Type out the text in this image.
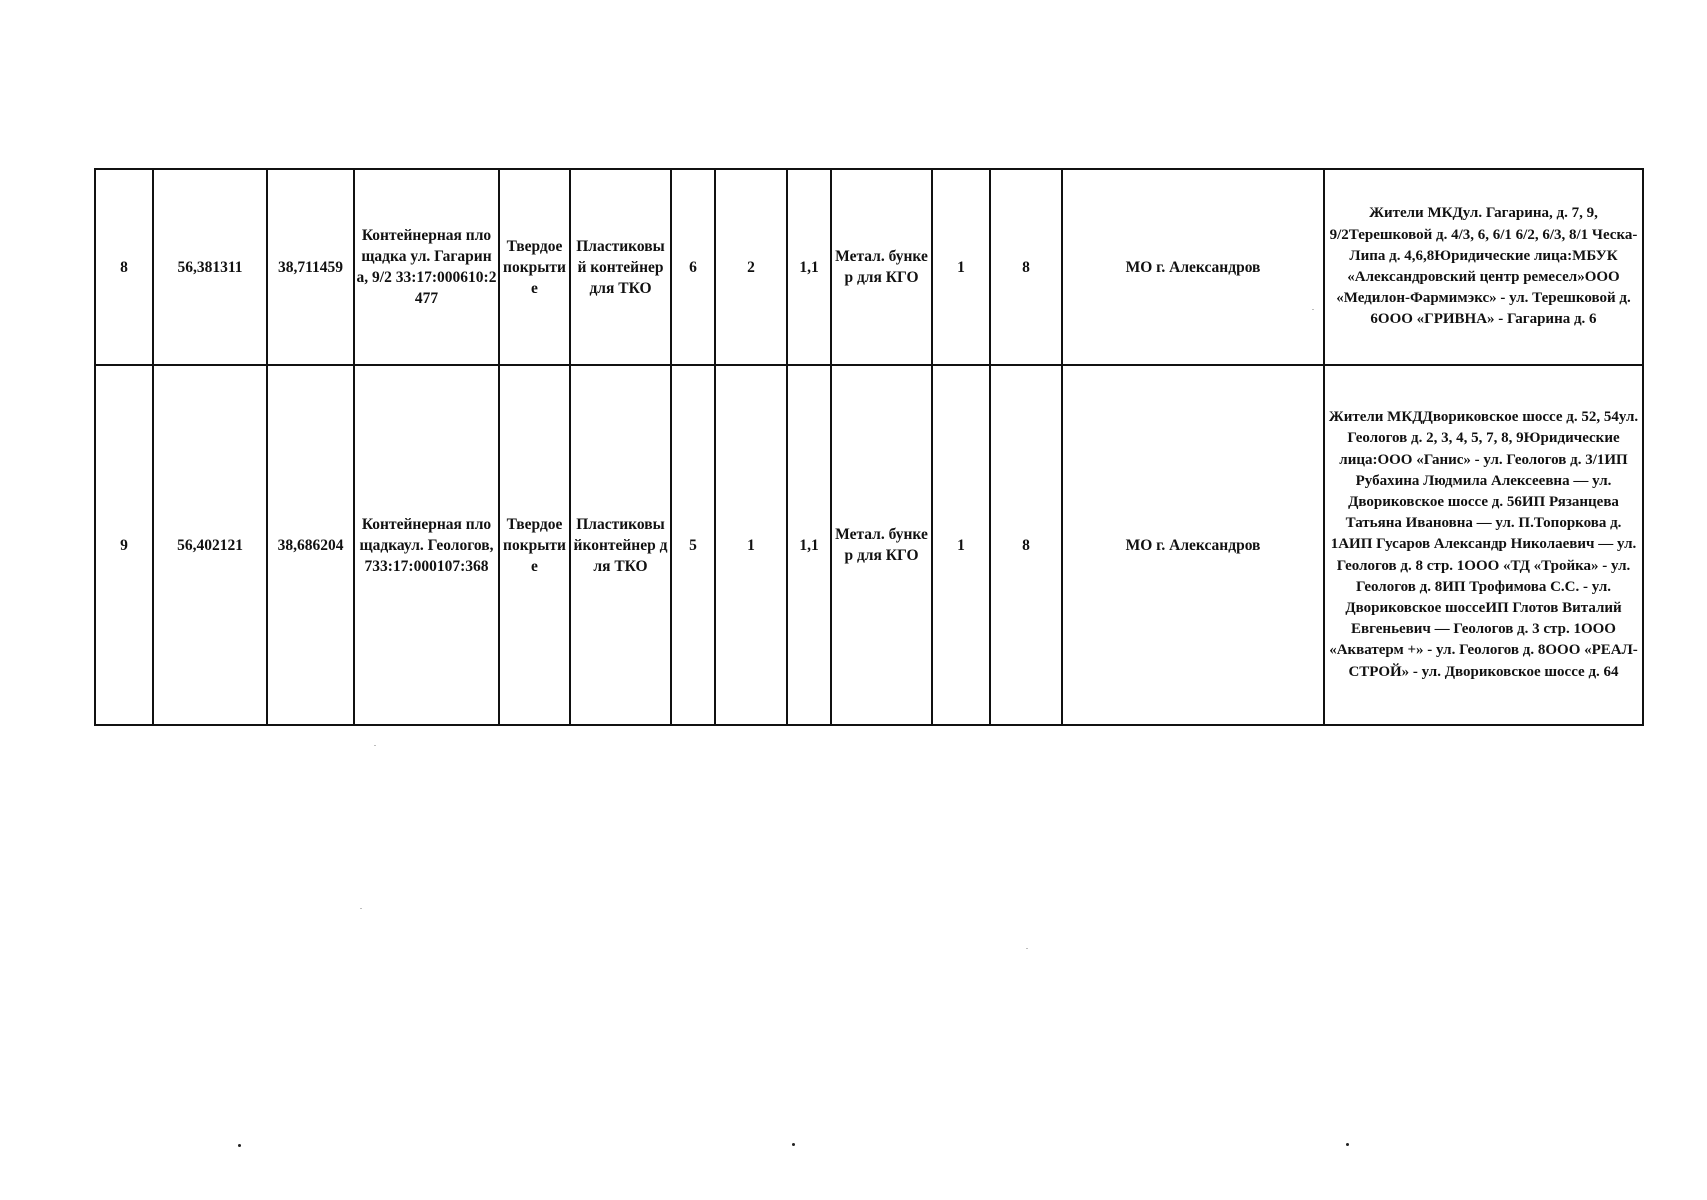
8	56,381311	38,711459	Контейнерная площадка ул. Гагарина, 9/2 33:17:000610:2477	Твердое покрытие	Пластиковый контейнер для ТКО	6	2	1,1	Метал. бункер для КГО	1	8	МО г. Александров	Жители МКДул. Гагарина, д. 7, 9, 9/2Терешковой д. 4/3, 6, 6/1 6/2, 6/3, 8/1 Ческа-Липа д. 4,6,8Юридические лица:МБУК «Александровский центр ремесел»ООО «Медилон-Фармимэкс» - ул. Терешковой д. 6ООО «ГРИВНА» - Гагарина д. 6
9	56,402121	38,686204	Контейнерная площадкаул. Геологов, 733:17:000107:368	Твердое покрытие	Пластиковыйконтейнер для ТКО	5	1	1,1	Метал. бункер для КГО	1	8	МО г. Александров	Жители МКДДвориковское шоссе д. 52, 54ул. Геологов д. 2, 3, 4, 5, 7, 8, 9Юридические лица:ООО «Ганис» - ул. Геологов д. 3/1ИП Рубахина Людмила Алексеевна — ул. Двориковское шоссе д. 56ИП Рязанцева Татьяна Ивановна — ул. П.Топоркова д. 1АИП Гусаров Александр Николаевич — ул. Геологов д. 8 стр. 1ООО «ТД «Тройка» - ул. Геологов д. 8ИП Трофимова С.С. - ул. Двориковское шоссеИП Глотов Виталий Евгеньевич — Геологов д. 3 стр. 1ООО «Акватерм +» - ул. Геологов д. 8ООО «РЕАЛ-СТРОЙ» - ул. Двориковское шоссе д. 64
